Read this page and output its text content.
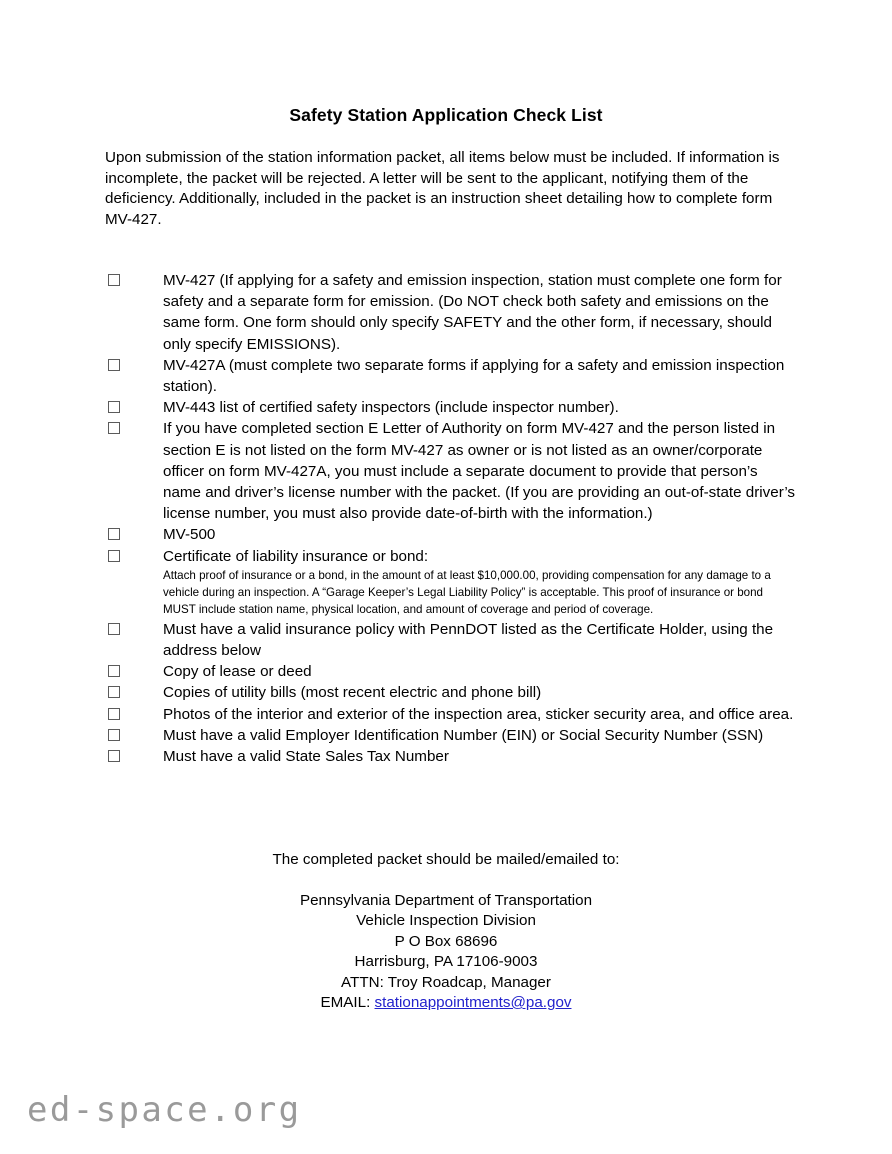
Safety Station Application Check List
Upon submission of the station information packet, all items below must be included. If information is incomplete, the packet will be rejected. A letter will be sent to the applicant, notifying them of the deficiency. Additionally, included in the packet is an instruction sheet detailing how to complete form MV-427.
MV-427 (If applying for a safety and emission inspection, station must complete one form for safety and a separate form for emission. (Do NOT check both safety and emissions on the same form. One form should only specify SAFETY and the other form, if necessary, should only specify EMISSIONS).
MV-427A (must complete two separate forms if applying for a safety and emission inspection station).
MV-443 list of certified safety inspectors (include inspector number).
If you have completed section E Letter of Authority on form MV-427 and the person listed in section E is not listed on the form MV-427 as owner or is not listed as an owner/corporate officer on form MV-427A, you must include a separate document to provide that person’s name and driver’s license number with the packet. (If you are providing an out-of-state driver’s license number, you must also provide date-of-birth with the information.)
MV-500
Certificate of liability insurance or bond:
Attach proof of insurance or a bond, in the amount of at least $10,000.00, providing compensation for any damage to a vehicle during an inspection. A “Garage Keeper’s Legal Liability Policy” is acceptable. This proof of insurance or bond MUST include station name, physical location, and amount of coverage and period of coverage.
Must have a valid insurance policy with PennDOT listed as the Certificate Holder, using the address below
Copy of lease or deed
Copies of utility bills (most recent electric and phone bill)
Photos of the interior and exterior of the inspection area, sticker security area, and office area.
Must have a valid Employer Identification Number (EIN) or Social Security Number (SSN)
Must have a valid State Sales Tax Number
The completed packet should be mailed/emailed to:
Pennsylvania Department of Transportation
Vehicle Inspection Division
P O Box 68696
Harrisburg, PA 17106-9003
ATTN: Troy Roadcap, Manager
EMAIL: stationappointments@pa.gov
ed-space.org
